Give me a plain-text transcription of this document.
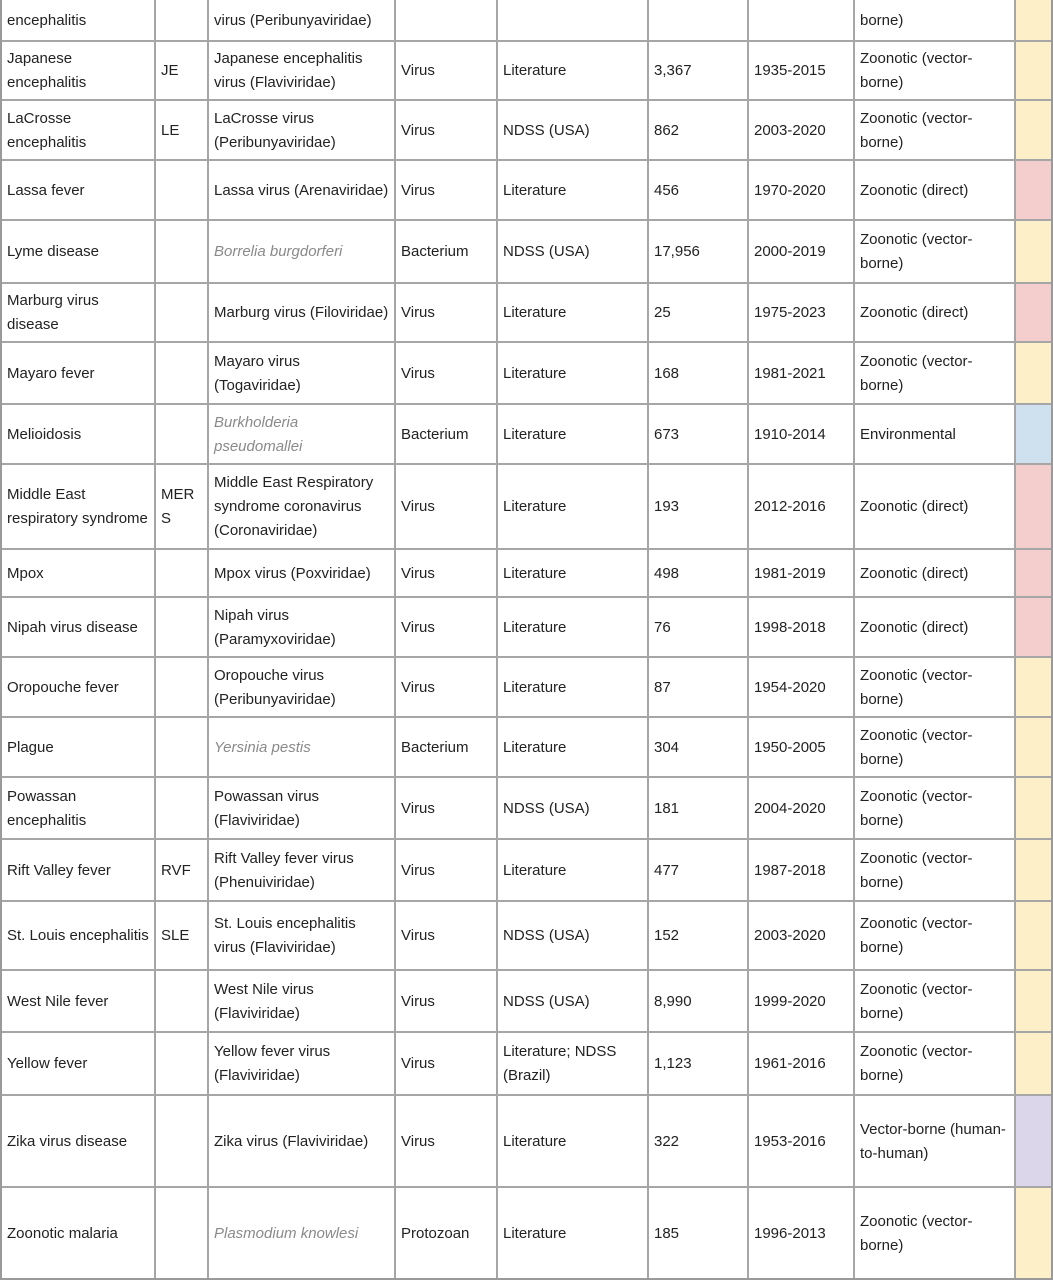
encephalitis		virus (Peribunyaviridae)					borne)	
Japanese encephalitis	JE	Japanese encephalitis virus (Flaviviridae)	Virus	Literature	3,367	1935-2015	Zoonotic (vector-borne)	
LaCrosse encephalitis	LE	LaCrosse virus (Peribunyaviridae)	Virus	NDSS (USA)	862	2003-2020	Zoonotic (vector-borne)	
Lassa fever		Lassa virus (Arenaviridae)	Virus	Literature	456	1970-2020	Zoonotic (direct)	
Lyme disease		Borrelia burgdorferi	Bacterium	NDSS (USA)	17,956	2000-2019	Zoonotic (vector-borne)	
Marburg virus disease		Marburg virus (Filoviridae)	Virus	Literature	25	1975-2023	Zoonotic (direct)	
Mayaro fever		Mayaro virus (Togaviridae)	Virus	Literature	168	1981-2021	Zoonotic (vector-borne)	
Melioidosis		Burkholderia pseudomallei	Bacterium	Literature	673	1910-2014	Environmental	
Middle East respiratory syndrome	MERS	Middle East Respiratory syndrome coronavirus (Coronaviridae)	Virus	Literature	193	2012-2016	Zoonotic (direct)	
Mpox		Mpox virus (Poxviridae)	Virus	Literature	498	1981-2019	Zoonotic (direct)	
Nipah virus disease		Nipah virus (Paramyxoviridae)	Virus	Literature	76	1998-2018	Zoonotic (direct)	
Oropouche fever		Oropouche virus (Peribunyaviridae)	Virus	Literature	87	1954-2020	Zoonotic (vector-borne)	
Plague		Yersinia pestis	Bacterium	Literature	304	1950-2005	Zoonotic (vector-borne)	
Powassan encephalitis		Powassan virus (Flaviviridae)	Virus	NDSS (USA)	181	2004-2020	Zoonotic (vector-borne)	
Rift Valley fever	RVF	Rift Valley fever virus (Phenuiviridae)	Virus	Literature	477	1987-2018	Zoonotic (vector-borne)	
St. Louis encephalitis	SLE	St. Louis encephalitis virus (Flaviviridae)	Virus	NDSS (USA)	152	2003-2020	Zoonotic (vector-borne)	
West Nile fever		West Nile virus (Flaviviridae)	Virus	NDSS (USA)	8,990	1999-2020	Zoonotic (vector-borne)	
Yellow fever		Yellow fever virus (Flaviviridae)	Virus	Literature; NDSS (Brazil)	1,123	1961-2016	Zoonotic (vector-borne)	
Zika virus disease		Zika virus (Flaviviridae)	Virus	Literature	322	1953-2016	Vector-borne (human-to-human)	
Zoonotic malaria		Plasmodium knowlesi	Protozoan	Literature	185	1996-2013	Zoonotic (vector-borne)	
